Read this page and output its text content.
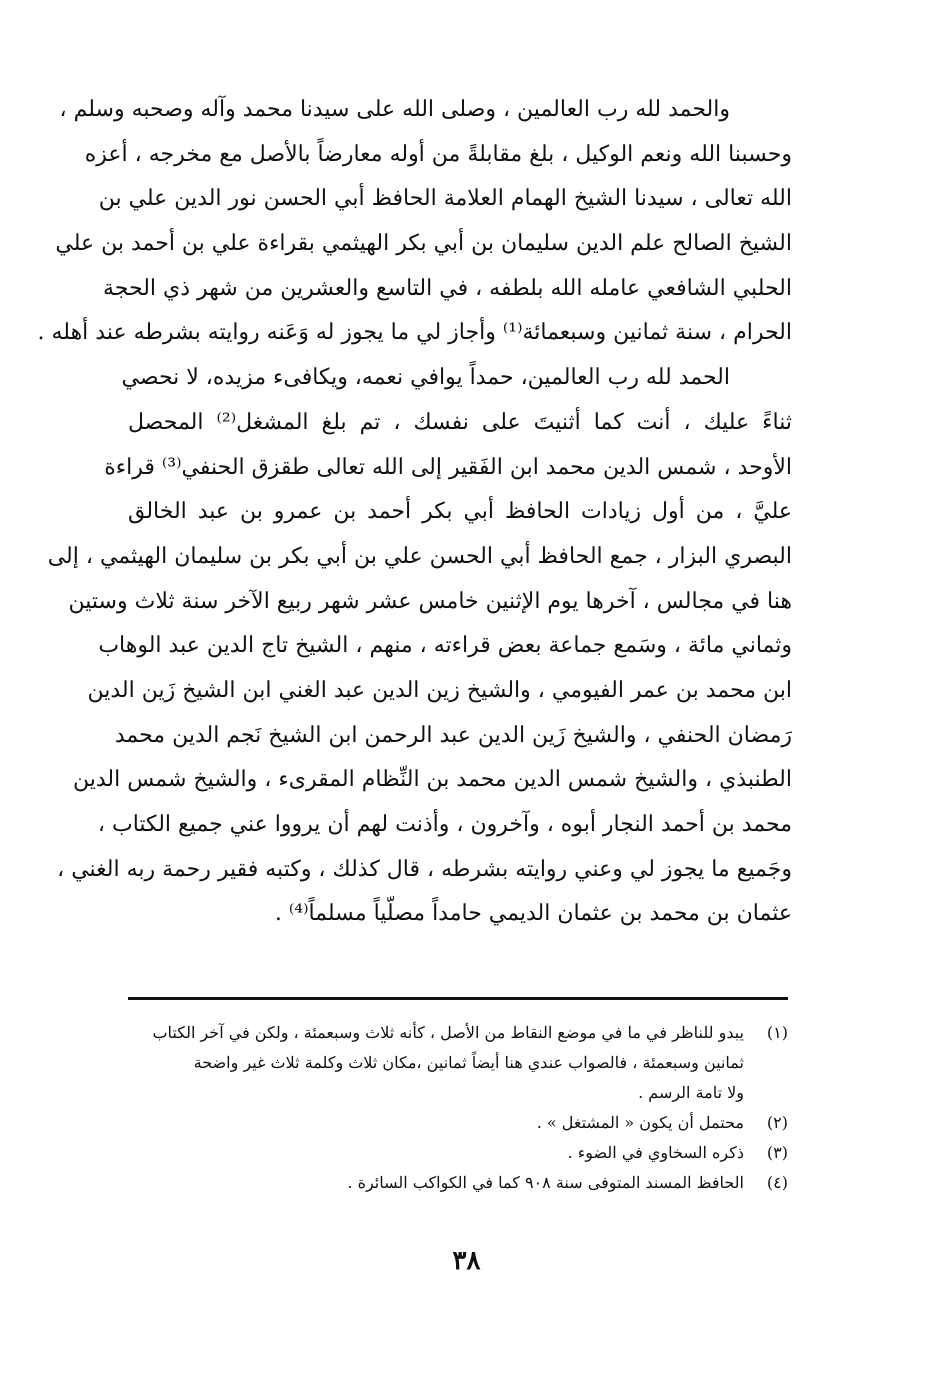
والحمد لله رب العالمين ، وصلى الله على سيدنا محمد وآله وصحبه وسلم ،
وحسبنا الله ونعم الوكيل ، بلغ مقابلةً من أوله معارضاً بالأصل مع مخرجه ، أعزه
الله تعالى ، سيدنا الشيخ الهمام العلامة الحافظ أبي الحسن نور الدين علي بن
الشيخ الصالح علم الدين سليمان بن أبي بكر الهيثمي بقراءة علي بن أحمد بن علي
الحلبي الشافعي عامله الله بلطفه ، في التاسع والعشرين من شهر ذي الحجة
الحرام ، سنة ثمانين وسبعمائة⁽¹⁾ وأجاز لي ما يجوز له وَعَنه روايته بشرطه عند أهله .
الحمد لله رب العالمين، حمداً يوافي نعمه، ويكافىء مزيده، لا نحصي
ثناءً عليك ، أنت كما أثنيتَ على نفسك ، تم بلغ المشغل⁽²⁾ المحصل
الأوحد ، شمس الدين محمد ابن الفَقير إلى الله تعالى طقزق الحنفي⁽³⁾ قراءة
عليَّ ، من أول زيادات الحافظ أبي بكر أحمد بن عمرو بن عبد الخالق
البصري البزار ، جمع الحافظ أبي الحسن علي بن أبي بكر بن سليمان الهيثمي ، إلى
هنا في مجالس ، آخرها يوم الإثنين خامس عشر شهر ربيع الآخر سنة ثلاث وستين
وثماني مائة ، وسَمع جماعة بعض قراءته ، منهم ، الشيخ تاج الدين عبد الوهاب
ابن محمد بن عمر الفيومي ، والشيخ زين الدين عبد الغني ابن الشيخ زَين الدين
رَمضان الحنفي ، والشيخ زَين الدين عبد الرحمن ابن الشيخ نَجم الدين محمد
الطنبذي ، والشيخ شمس الدين محمد بن النِّظام المقرىء ، والشيخ شمس الدين
محمد بن أحمد النجار أبوه ، وآخرون ، وأذنت لهم أن يرووا عني جميع الكتاب ،
وجَميع ما يجوز لي وعني روايته بشرطه ، قال كذلك ، وكتبه فقير رحمة ربه الغني ،
عثمان بن محمد بن عثمان الديمي حامداً مصلّياً مسلماً⁽⁴⁾ .
(١)يبدو للناظر في ما في موضع النقاط من الأصل ، كأنه ثلاث وسبعمئة ، ولكن في آخر الكتاب
ثمانين وسبعمئة ، فالصواب عندي هنا أيضاً ثمانين ،مكان ثلاث وكلمة ثلاث غير واضحة
ولا تامة الرسم .
(٢)محتمل أن يكون « المشتغل » .
(٣)ذكره السخاوي في الضوء .
(٤)الحافظ المسند المتوفى سنة ٩٠٨ كما في الكواكب السائرة .
٣٨
